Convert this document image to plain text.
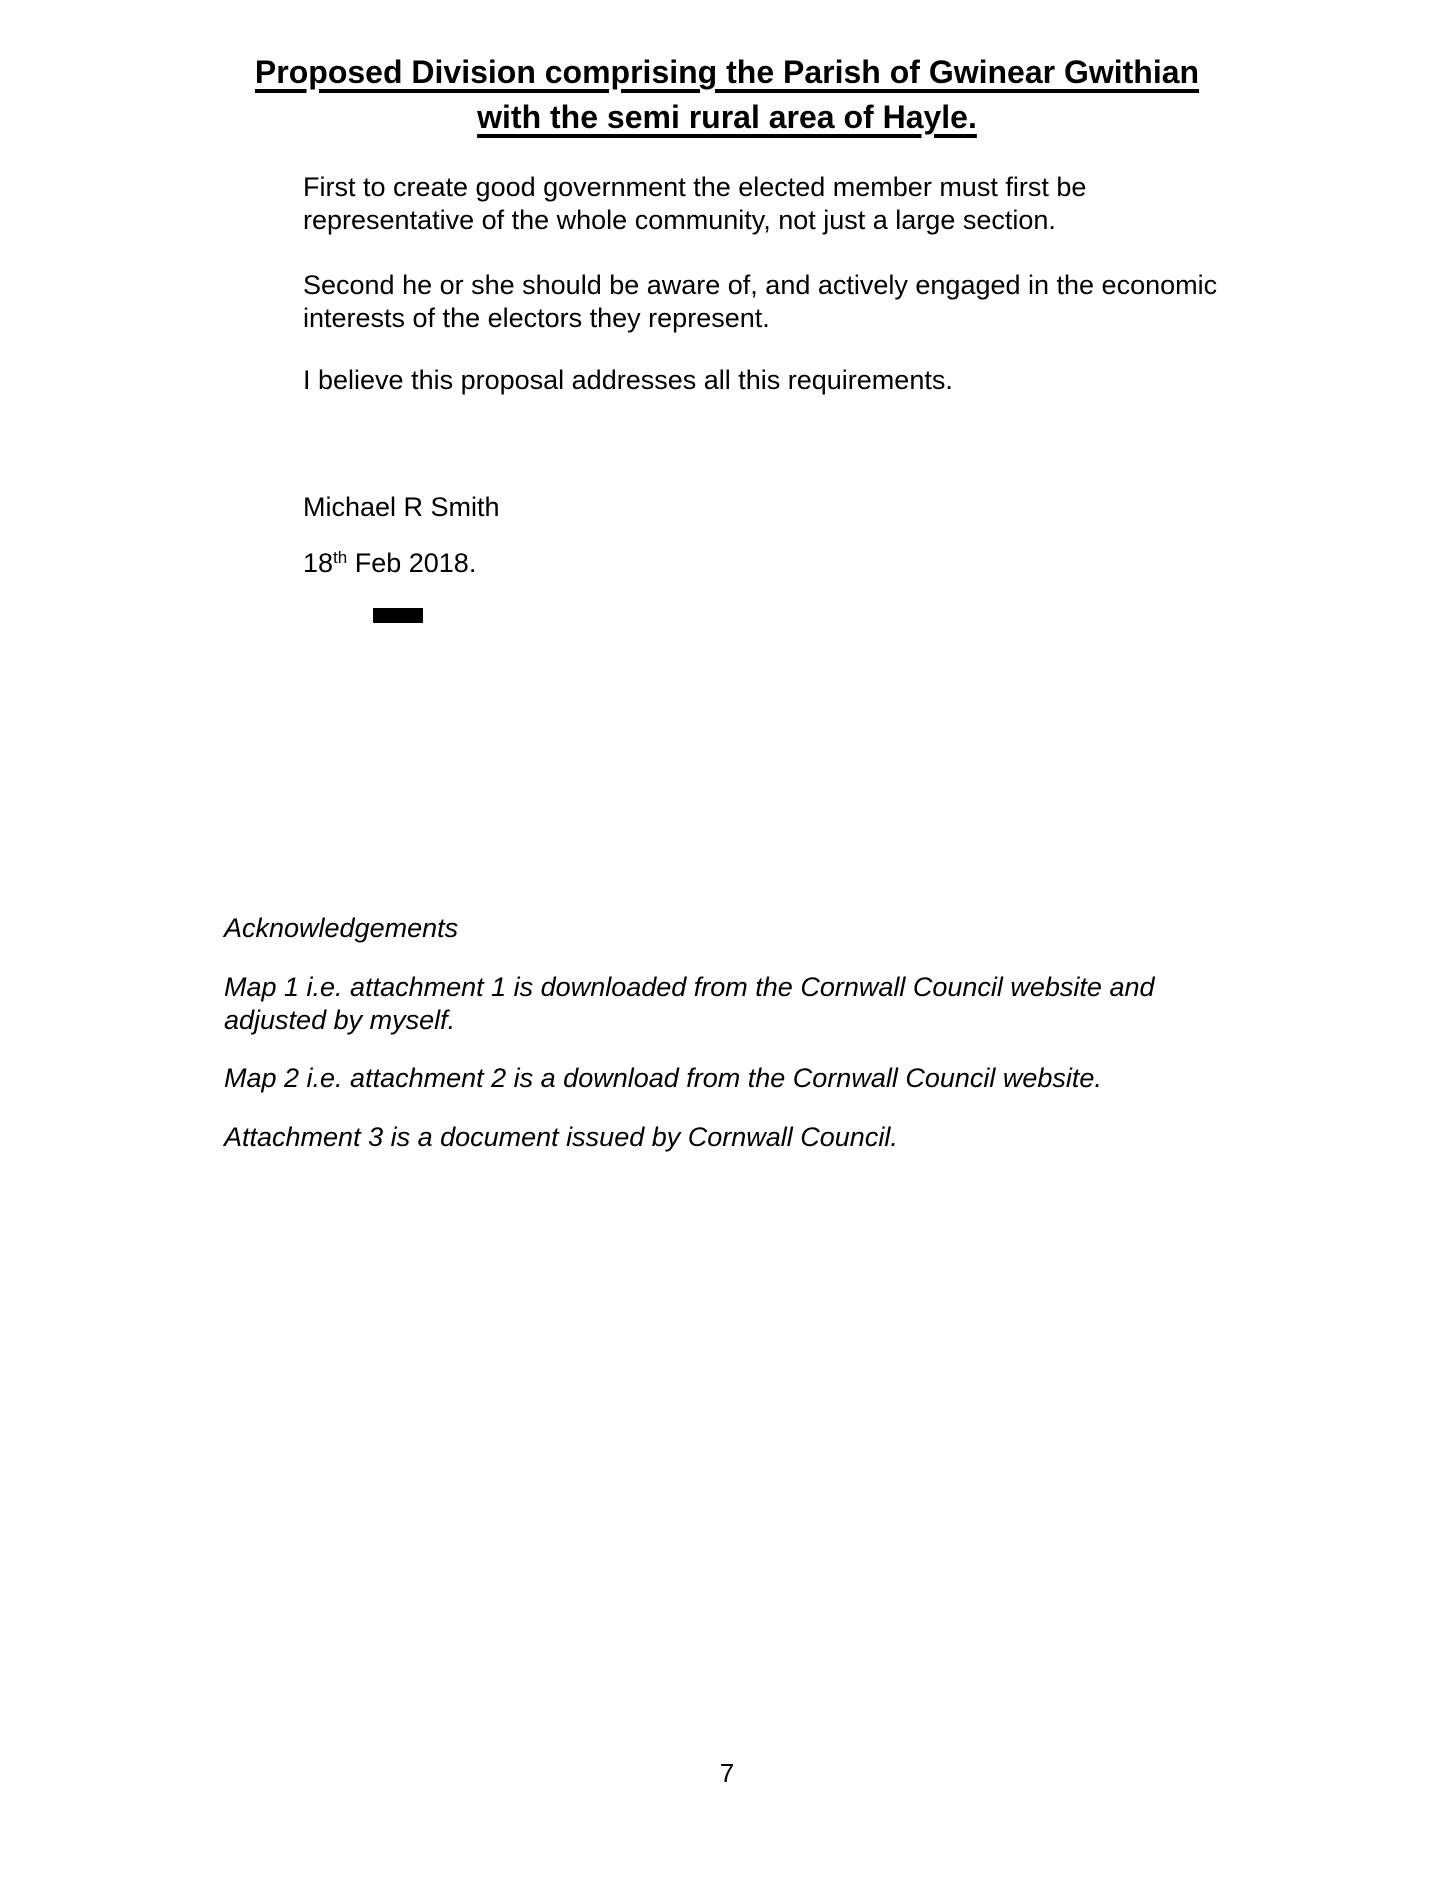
Proposed Division comprising the Parish of Gwinear Gwithian
with the semi rural area of Hayle.
First to create good government the elected member must first be
representative of the whole community, not just a large section.
Second he or she should be aware of, and actively engaged in the economic
interests of the electors they represent.
I believe this proposal addresses all this requirements.
Michael R Smith
18th Feb 2018.
Acknowledgements
Map 1 i.e. attachment 1 is downloaded from the Cornwall Council website and
adjusted by myself.
Map 2 i.e. attachment 2 is a download from the Cornwall Council website.
Attachment 3 is a document issued by Cornwall Council.
7
